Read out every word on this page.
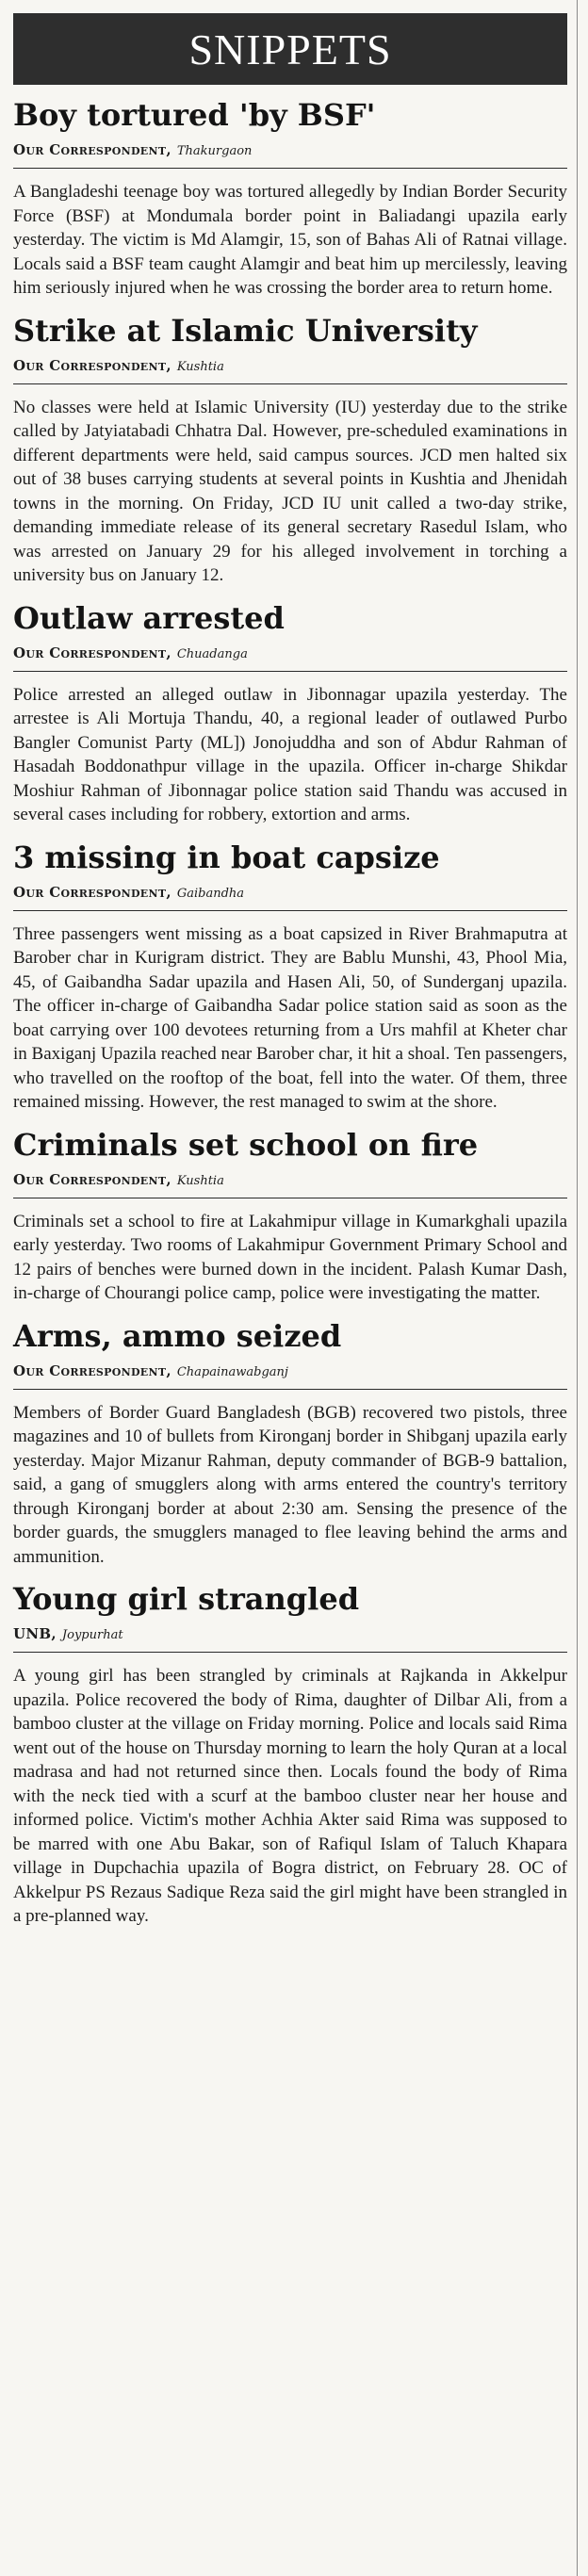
SNIPPETS
Boy tortured 'by BSF'
Our Correspondent, Thakurgaon

A Bangladeshi teenage boy was tortured allegedly by Indian Border Security Force (BSF) at Mondumala border point in Baliadangi upazila early yesterday. The victim is Md Alamgir, 15, son of Bahas Ali of Ratnai village. Locals said a BSF team caught Alamgir and beat him up mercilessly, leaving him seriously injured when he was crossing the border area to return home.

Strike at Islamic University
Our Correspondent, Kushtia

No classes were held at Islamic University (IU) yesterday due to the strike called by Jatyiatabadi Chhatra Dal. However, pre-scheduled examinations in different departments were held, said campus sources. JCD men halted six out of 38 buses carrying students at several points in Kushtia and Jhenidah towns in the morning. On Friday, JCD IU unit called a two-day strike, demanding immediate release of its general secretary Rasedul Islam, who was arrested on January 29 for his alleged involvement in torching a university bus on January 12.

Outlaw arrested
Our Correspondent, Chuadanga

Police arrested an alleged outlaw in Jibonnagar upazila yesterday. The arrestee is Ali Mortuja Thandu, 40, a regional leader of outlawed Purbo Bangler Comunist Party (ML]) Jonojuddha and son of Abdur Rahman of Hasadah Boddonathpur village in the upazila. Officer in-charge Shikdar Moshiur Rahman of Jibonnagar police station said Thandu was accused in several cases including for robbery, extortion and arms.

3 missing in boat capsize
Our Correspondent, Gaibandha

Three passengers went missing as a boat capsized in River Brahmaputra at Barober char in Kurigram district. They are Bablu Munshi, 43, Phool Mia, 45, of Gaibandha Sadar upazila and Hasen Ali, 50, of Sunderganj upazila. The officer in-charge of Gaibandha Sadar police station said as soon as the boat carrying over 100 devotees returning from a Urs mahfil at Kheter char in Baxiganj Upazila reached near Barober char, it hit a shoal. Ten passengers, who travelled on the rooftop of the boat, fell into the water. Of them, three remained missing. However, the rest managed to swim at the shore.

Criminals set school on fire
Our Correspondent, Kushtia

Criminals set a school to fire at Lakahmipur village in Kumarkghali upazila early yesterday. Two rooms of Lakahmipur Government Primary School and 12 pairs of benches were burned down in the incident. Palash Kumar Dash, in-charge of Chourangi police camp, police were investigating the matter.

Arms, ammo seized
Our Correspondent, Chapainawabganj

Members of Border Guard Bangladesh (BGB) recovered two pistols, three magazines and 10 of bullets from Kironganj border in Shibganj upazila early yesterday. Major Mizanur Rahman, deputy commander of BGB-9 battalion, said, a gang of smugglers along with arms entered the country's territory through Kironganj border at about 2:30 am. Sensing the presence of the border guards, the smugglers managed to flee leaving behind the arms and ammunition.

Young girl strangled
UNB, Joypurhat

A young girl has been strangled by criminals at Rajkanda in Akkelpur upazila. Police recovered the body of Rima, daughter of Dilbar Ali, from a bamboo cluster at the village on Friday morning. Police and locals said Rima went out of the house on Thursday morning to learn the holy Quran at a local madrasa and had not returned since then. Locals found the body of Rima with the neck tied with a scurf at the bamboo cluster near her house and informed police. Victim's mother Achhia Akter said Rima was supposed to be marred with one Abu Bakar, son of Rafiqul Islam of Taluch Khapara village in Dupchachia upazila of Bogra district, on February 28. OC of Akkelpur PS Rezaus Sadique Reza said the girl might have been strangled in a pre-planned way.
